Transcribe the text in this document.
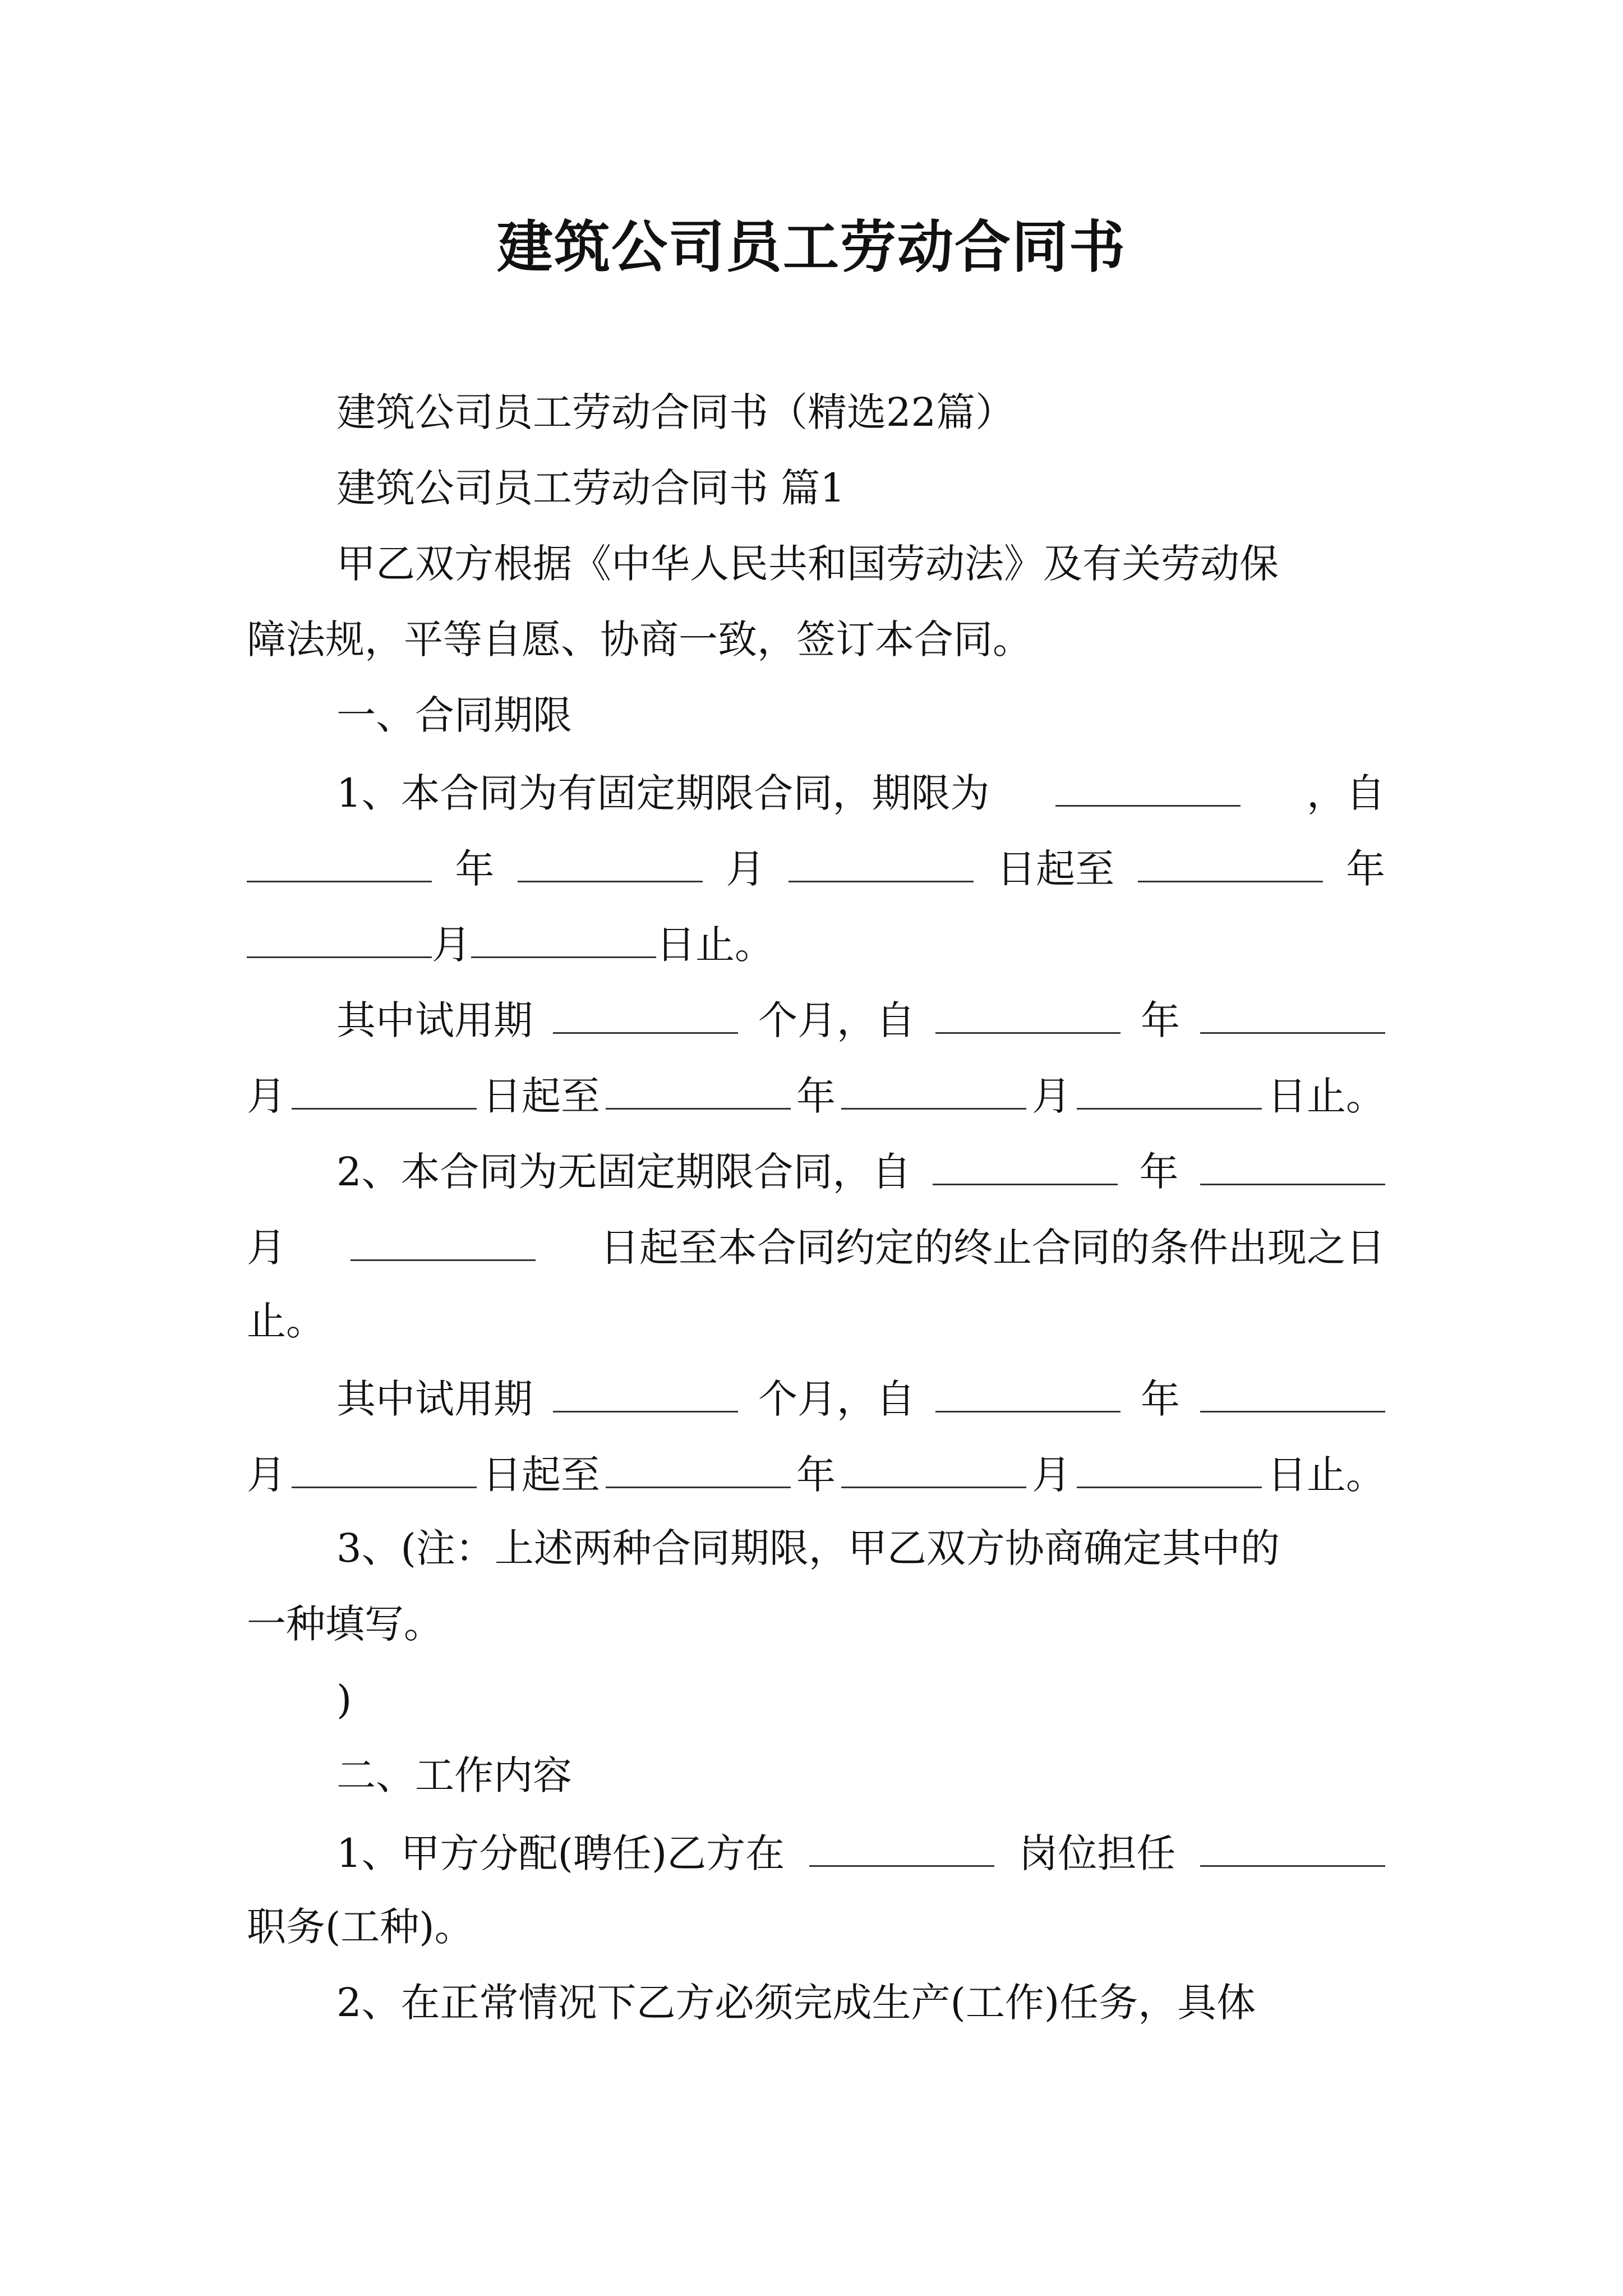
建筑公司员工劳动合同书
建筑公司员工劳动合同书（精选22篇）
建筑公司员工劳动合同书 篇1
甲乙双方根据《中华人民共和国劳动法》及有关劳动保
障法规，平等自愿、协商一致，签订本合同。
一、合同期限
1、本合同为有固定期限合同，期限为	，自
年	月	日起至	年
月	日止。
其中试用期	个月，自	年
月	日起至	年	月	日止。
2、本合同为无固定期限合同，自	年
月	日起至本合同约定的终止合同的条件出现之日
止。
其中试用期	个月，自	年
月	日起至	年	月	日止。
3、(注：上述两种合同期限，甲乙双方协商确定其中的
一种填写。
)
二、工作内容
1、甲方分配(聘任)乙方在	岗位担任
职务(工种)。
2、在正常情况下乙方必须完成生产(工作)任务，具体
